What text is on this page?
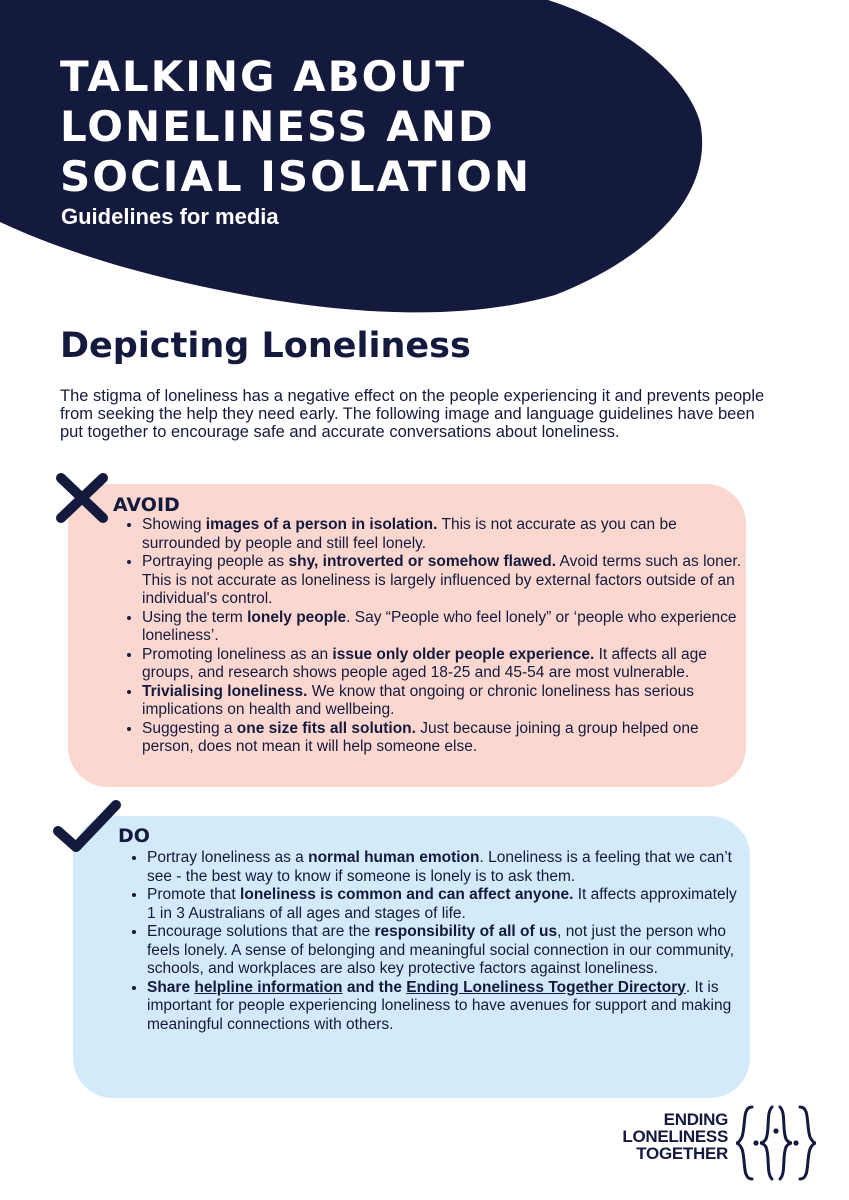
TALKING ABOUT LONELINESS AND SOCIAL ISOLATION
Guidelines for media
Depicting Loneliness

The stigma of loneliness has a negative effect on the people experiencing it and prevents people from seeking the help they need early. The following image and language guidelines have been put together to encourage safe and accurate conversations about loneliness.

AVOID
• Showing images of a person in isolation. This is not accurate as you can be surrounded by people and still feel lonely.
• Portraying people as shy, introverted or somehow flawed. Avoid terms such as loner. This is not accurate as loneliness is largely influenced by external factors outside of an individual's control.
• Using the term lonely people. Say “People who feel lonely” or ‘people who experience loneliness’.
• Promoting loneliness as an issue only older people experience. It affects all age groups, and research shows people aged 18-25 and 45-54 are most vulnerable.
• Trivialising loneliness. We know that ongoing or chronic loneliness has serious implications on health and wellbeing.
• Suggesting a one size fits all solution. Just because joining a group helped one person, does not mean it will help someone else.
DO
• Portray loneliness as a normal human emotion. Loneliness is a feeling that we can’t see - the best way to know if someone is lonely is to ask them.
• Promote that loneliness is common and can affect anyone. It affects approximately 1 in 3 Australians of all ages and stages of life.
• Encourage solutions that are the responsibility of all of us, not just the person who feels lonely. A sense of belonging and meaningful social connection in our community, schools, and workplaces are also key protective factors against loneliness.
• Share helpline information and the Ending Loneliness Together Directory. It is important for people experiencing loneliness to have avenues for support and making meaningful connections with others.
ENDING
LONELINESS
TOGETHER
